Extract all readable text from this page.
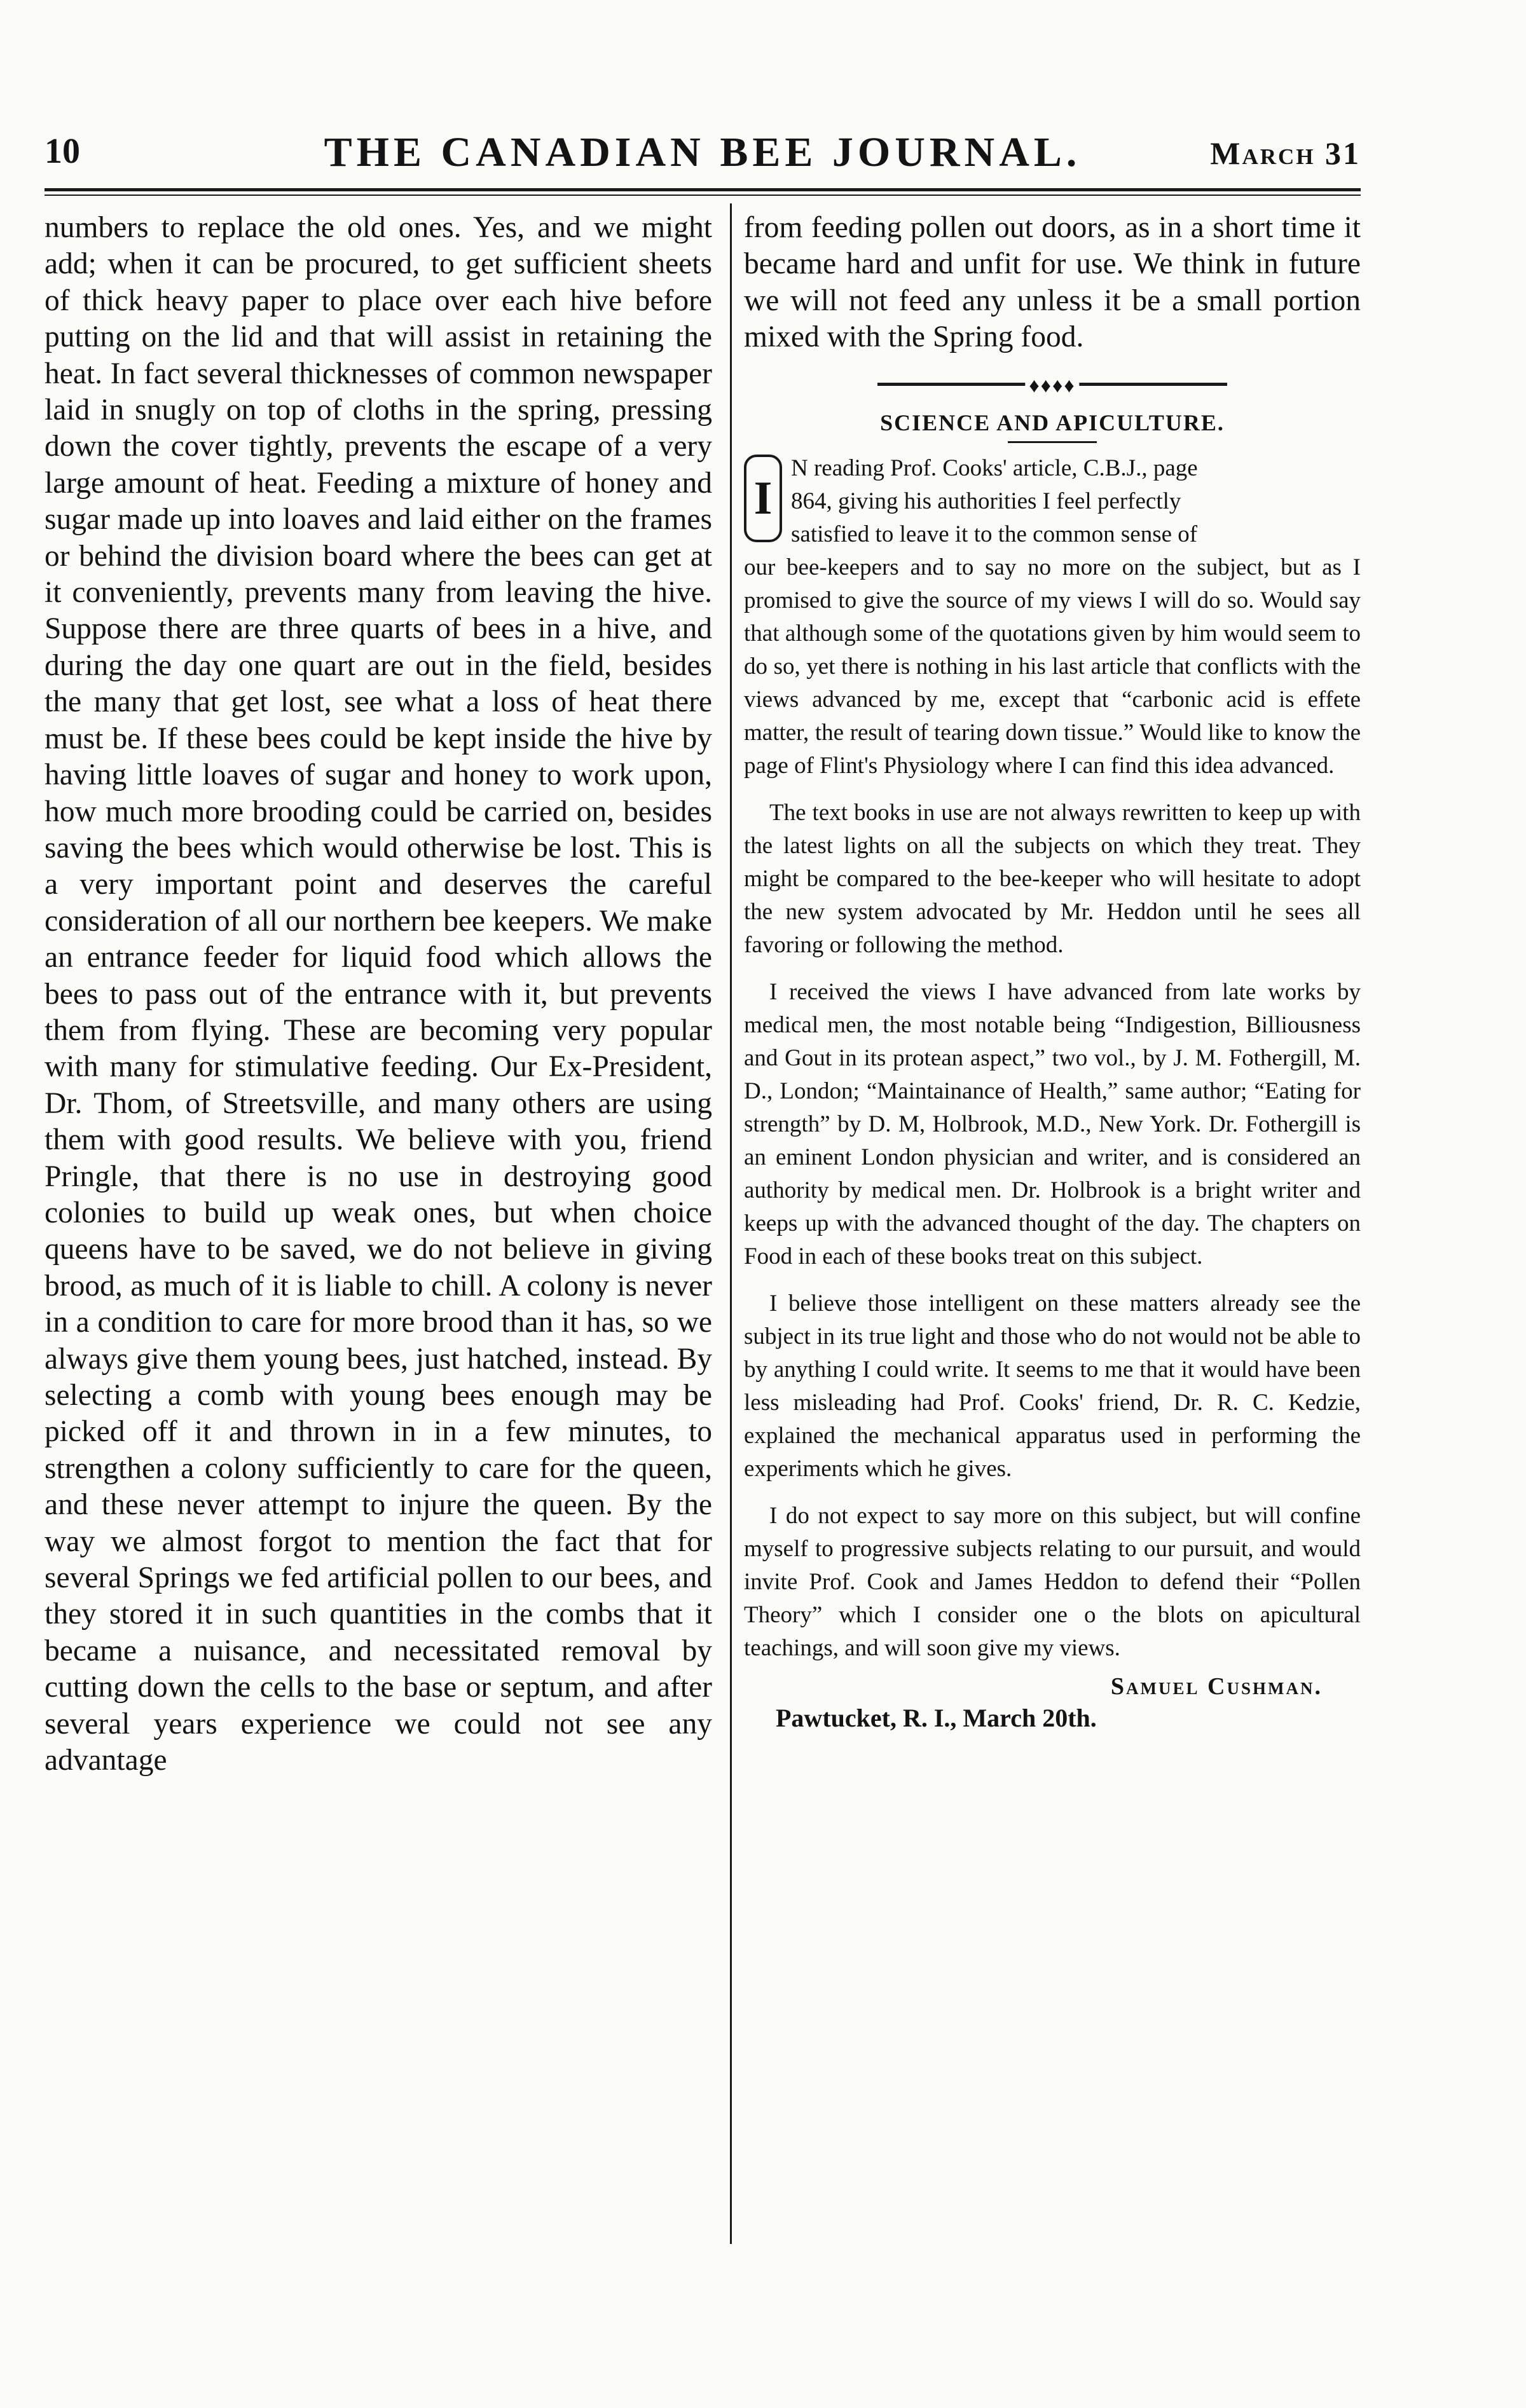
10	THE CANADIAN BEE JOURNAL.	March 31

numbers to replace the old ones. Yes, and we might add; when it can be procured, to get sufficient sheets of thick heavy paper to place over each hive before putting on the lid and that will assist in retaining the heat. In fact several thicknesses of common newspaper laid in snugly on top of cloths in the spring, pressing down the cover tightly, prevents the escape of a very large amount of heat. Feeding a mixture of honey and sugar made up into loaves and laid either on the frames or behind the division board where the bees can get at it conveniently, prevents many from leaving the hive. Suppose there are three quarts of bees in a hive, and during the day one quart are out in the field, besides the many that get lost, see what a loss of heat there must be. If these bees could be kept inside the hive by having little loaves of sugar and honey to work upon, how much more brooding could be carried on, besides saving the bees which would otherwise be lost. This is a very important point and deserves the careful consideration of all our northern bee keepers. We make an entrance feeder for liquid food which allows the bees to pass out of the entrance with it, but prevents them from flying. These are becoming very popular with many for stimulative feeding. Our Ex-President, Dr. Thom, of Streetsville, and many others are using them with good results. We believe with you, friend Pringle, that there is no use in destroying good colonies to build up weak ones, but when choice queens have to be saved, we do not believe in giving brood, as much of it is liable to chill. A colony is never in a condition to care for more brood than it has, so we always give them young bees, just hatched, instead. By selecting a comb with young bees enough may be picked off it and thrown in in a few minutes, to strengthen a colony sufficiently to care for the queen, and these never attempt to injure the queen. By the way we almost forgot to mention the fact that for several Springs we fed artificial pollen to our bees, and they stored it in such quantities in the combs that it became a nuisance, and necessitated removal by cutting down the cells to the base or septum, and after several years experience we could not see any advantage

from feeding pollen out doors, as in a short time it became hard and unfit for use. We think in future we will not feed any unless it be a small portion mixed with the Spring food.

♦♦♦♦
SCIENCE AND APICULTURE.
I
N reading Prof. Cooks' article, C.B.J., page
864, giving his authorities I feel perfectly
satisfied to leave it to the common sense of

our bee-keepers and to say no more on the subject, but as I promised to give the source of my views I will do so. Would say that although some of the quotations given by him would seem to do so, yet there is nothing in his last article that conflicts with the views advanced by me, except that “carbonic acid is effete matter, the result of tearing down tissue.” Would like to know the page of Flint's Physiology where I can find this idea advanced.

The text books in use are not always rewritten to keep up with the latest lights on all the subjects on which they treat. They might be compared to the bee-keeper who will hesitate to adopt the new system advocated by Mr. Heddon until he sees all favoring or following the method.

I received the views I have advanced from late works by medical men, the most notable being “Indigestion, Billiousness and Gout in its protean aspect,” two vol., by J. M. Fothergill, M. D., London; “Maintainance of Health,” same author; “Eating for strength” by D. M, Holbrook, M.D., New York. Dr. Fothergill is an eminent London physician and writer, and is considered an authority by medical men. Dr. Holbrook is a bright writer and keeps up with the advanced thought of the day. The chapters on Food in each of these books treat on this subject.

I believe those intelligent on these matters already see the subject in its true light and those who do not would not be able to by anything I could write. It seems to me that it would have been less misleading had Prof. Cooks' friend, Dr. R. C. Kedzie, explained the mechanical apparatus used in performing the experiments which he gives.

I do not expect to say more on this subject, but will confine myself to progressive subjects relating to our pursuit, and would invite Prof. Cook and James Heddon to defend their “Pollen Theory” which I consider one o the blots on apicultural teachings, and will soon give my views.

Samuel Cushman.
Pawtucket, R. I., March 20th.
